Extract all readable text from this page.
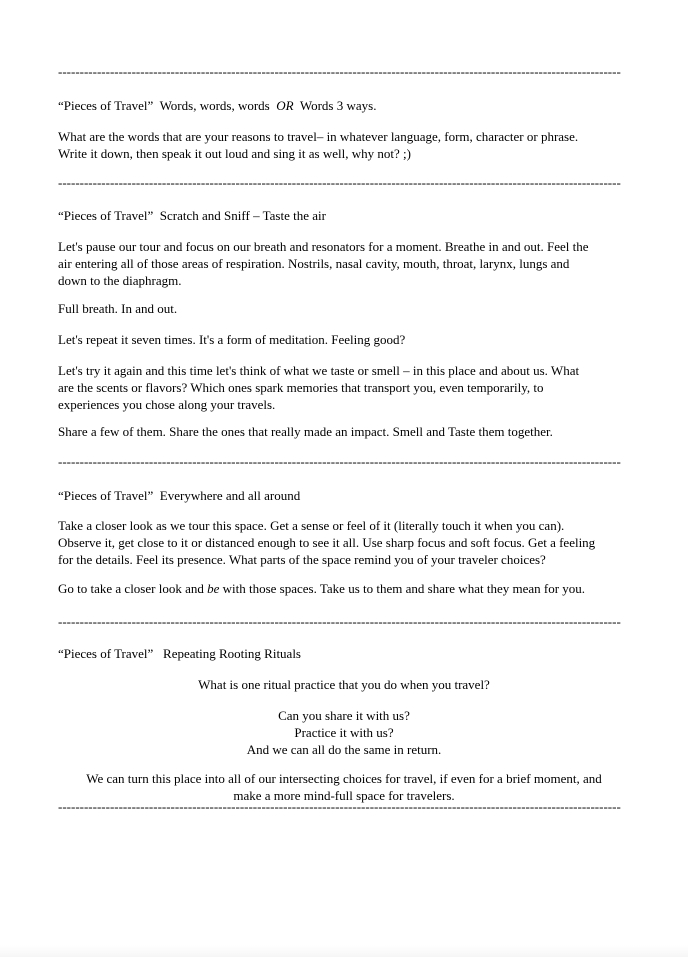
----------------------------------------------------------------------------------------------------------------------------------

“Pieces of Travel”  Words, words, words  OR  Words 3 ways.

What are the words that are your reasons to travel– in whatever language, form, character or phrase.
Write it down, then speak it out loud and sing it as well, why not? ;)

----------------------------------------------------------------------------------------------------------------------------------

“Pieces of Travel”  Scratch and Sniff – Taste the air

Let's pause our tour and focus on our breath and resonators for a moment. Breathe in and out. Feel the
air entering all of those areas of respiration. Nostrils, nasal cavity, mouth, throat, larynx, lungs and
down to the diaphragm.

Full breath. In and out.

Let's repeat it seven times. It's a form of meditation. Feeling good?

Let's try it again and this time let's think of what we taste or smell – in this place and about us. What
are the scents or flavors? Which ones spark memories that transport you, even temporarily, to
experiences you chose along your travels.

Share a few of them. Share the ones that really made an impact. Smell and Taste them together.

----------------------------------------------------------------------------------------------------------------------------------

“Pieces of Travel”  Everywhere and all around

Take a closer look as we tour this space. Get a sense or feel of it (literally touch it when you can).
Observe it, get close to it or distanced enough to see it all. Use sharp focus and soft focus. Get a feeling
for the details. Feel its presence. What parts of the space remind you of your traveler choices?

Go to take a closer look and be with those spaces. Take us to them and share what they mean for you.

----------------------------------------------------------------------------------------------------------------------------------

“Pieces of Travel”   Repeating Rooting Rituals

What is one ritual practice that you do when you travel?

Can you share it with us?
Practice it with us?
And we can all do the same in return.

We can turn this place into all of our intersecting choices for travel, if even for a brief moment, and
make a more mind-full space for travelers.

----------------------------------------------------------------------------------------------------------------------------------
